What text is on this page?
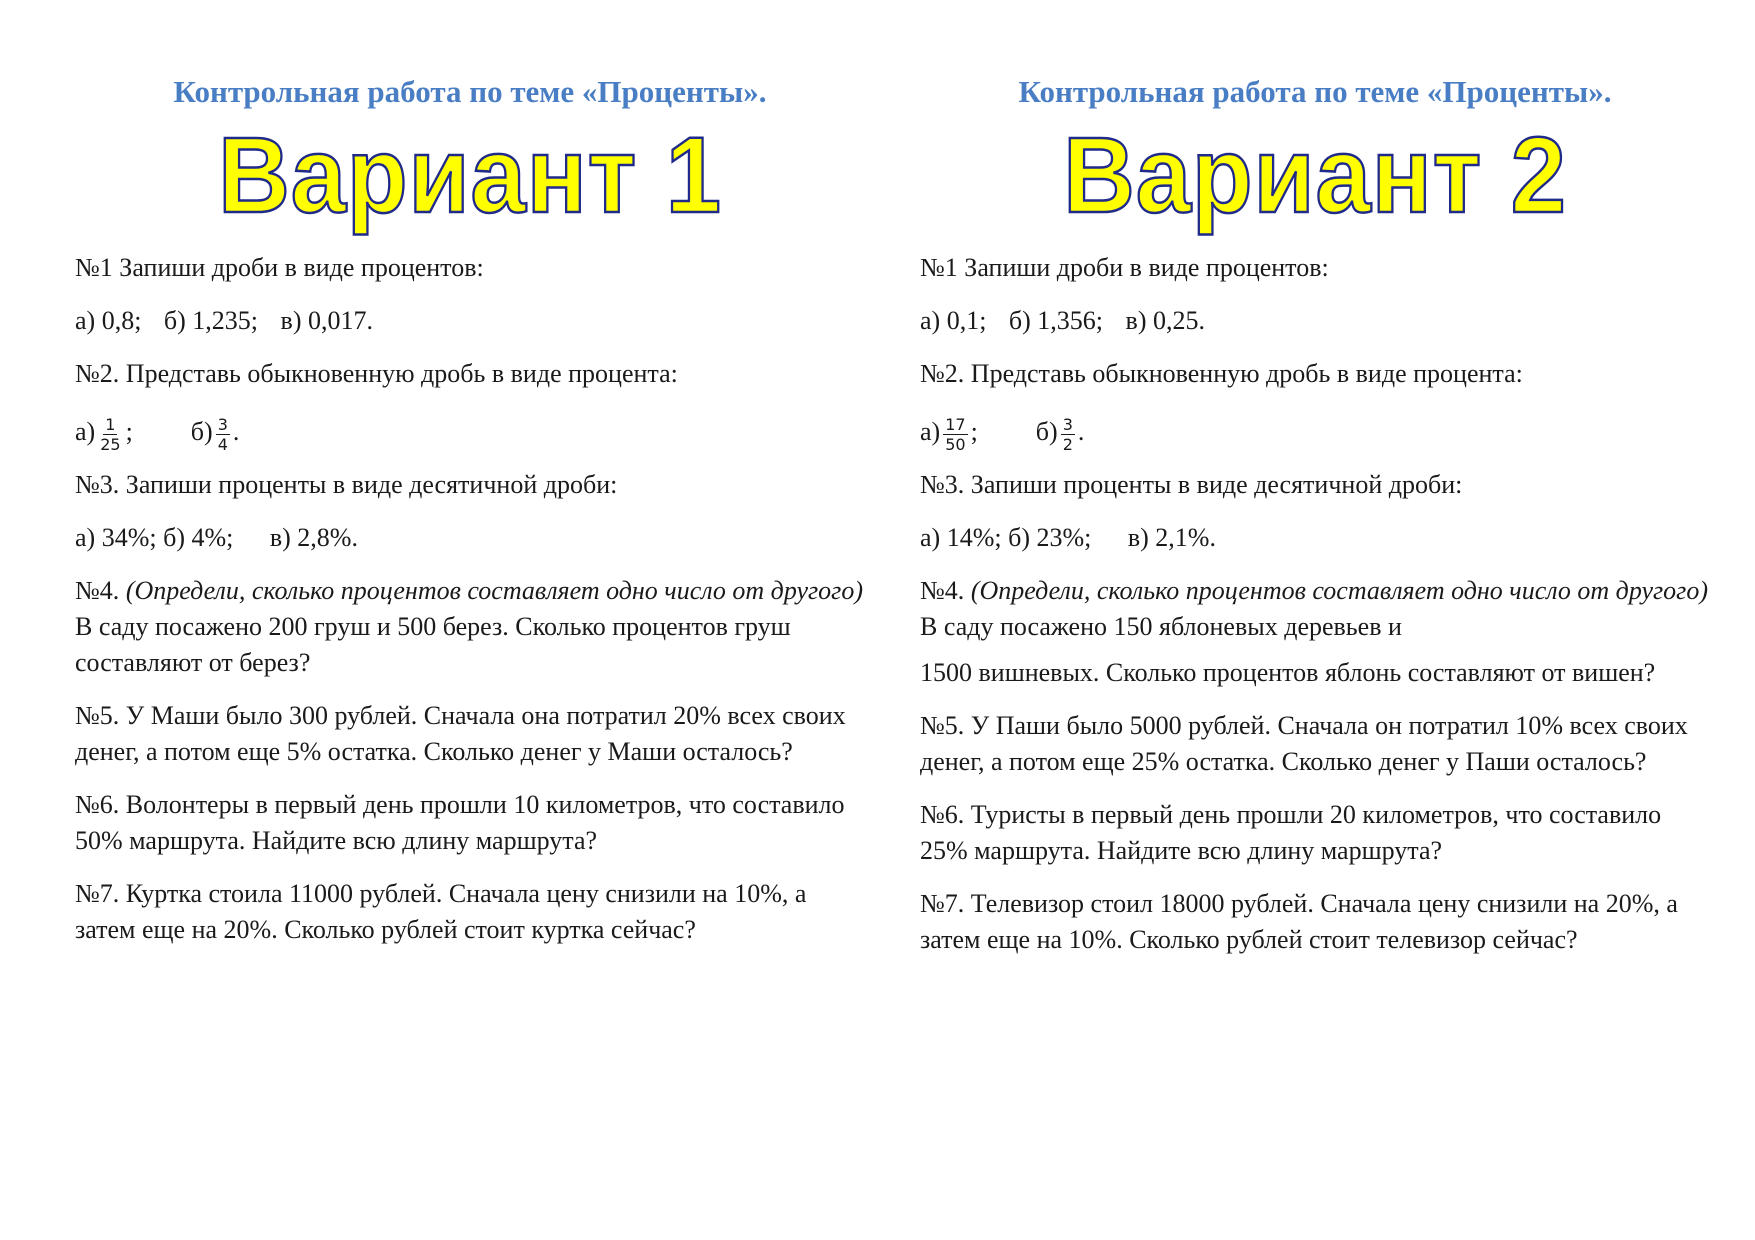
Контрольная работа по теме «Проценты».
Вариант 1
№1 Запиши дроби в виде процентов:
а) 0,8; б) 1,235; в) 0,017.
№2. Представь обыкновенную дробь в виде процента:
$а) \frac{1}{25}$ ; $б) \frac{3}{4}$ .
№3. Запиши проценты в виде десятичной дроби:
а) 34%; б) 4%; в) 2,8%.
№4. (Определи, сколько процентов составляет одно число от другого) В саду посажено 200 груш и 500 берез. Сколько процентов груш составляют от берез?
№5. У Маши было 300 рублей. Сначала она потратил 20% всех своих денег, а потом еще 5% остатка. Сколько денег у Маши осталось?
№6. Волонтеры в первый день прошли 10 километров, что составило 50% маршрута. Найдите всю длину маршрута?
№7. Куртка стоила 11000 рублей. Сначала цену снизили на 10%, а затем еще на 20%. Сколько рублей стоит куртка сейчас?
Контрольная работа по теме «Проценты».
Вариант 2
№1 Запиши дроби в виде процентов:
а) 0,1; б) 1,356; в) 0,25.
№2. Представь обыкновенную дробь в виде процента:
$а) \frac{17}{50}$ ; $б) \frac{3}{2}$ .
№3. Запиши проценты в виде десятичной дроби:
а) 14%; б) 23%; в) 2,1%.
№4. (Определи, сколько процентов составляет одно число от другого) В саду посажено 150 яблоневых деревьев и
1500 вишневых. Сколько процентов яблонь составляют от вишен?
№5. У Паши было 5000 рублей. Сначала он потратил 10% всех своих денег, а потом еще 25% остатка. Сколько денег у Паши осталось?
№6. Туристы в первый день прошли 20 километров, что составило 25% маршрута. Найдите всю длину маршрута?
№7. Телевизор стоил 18000 рублей. Сначала цену снизили на 20%, а затем еще на 10%. Сколько рублей стоит телевизор сейчас?
